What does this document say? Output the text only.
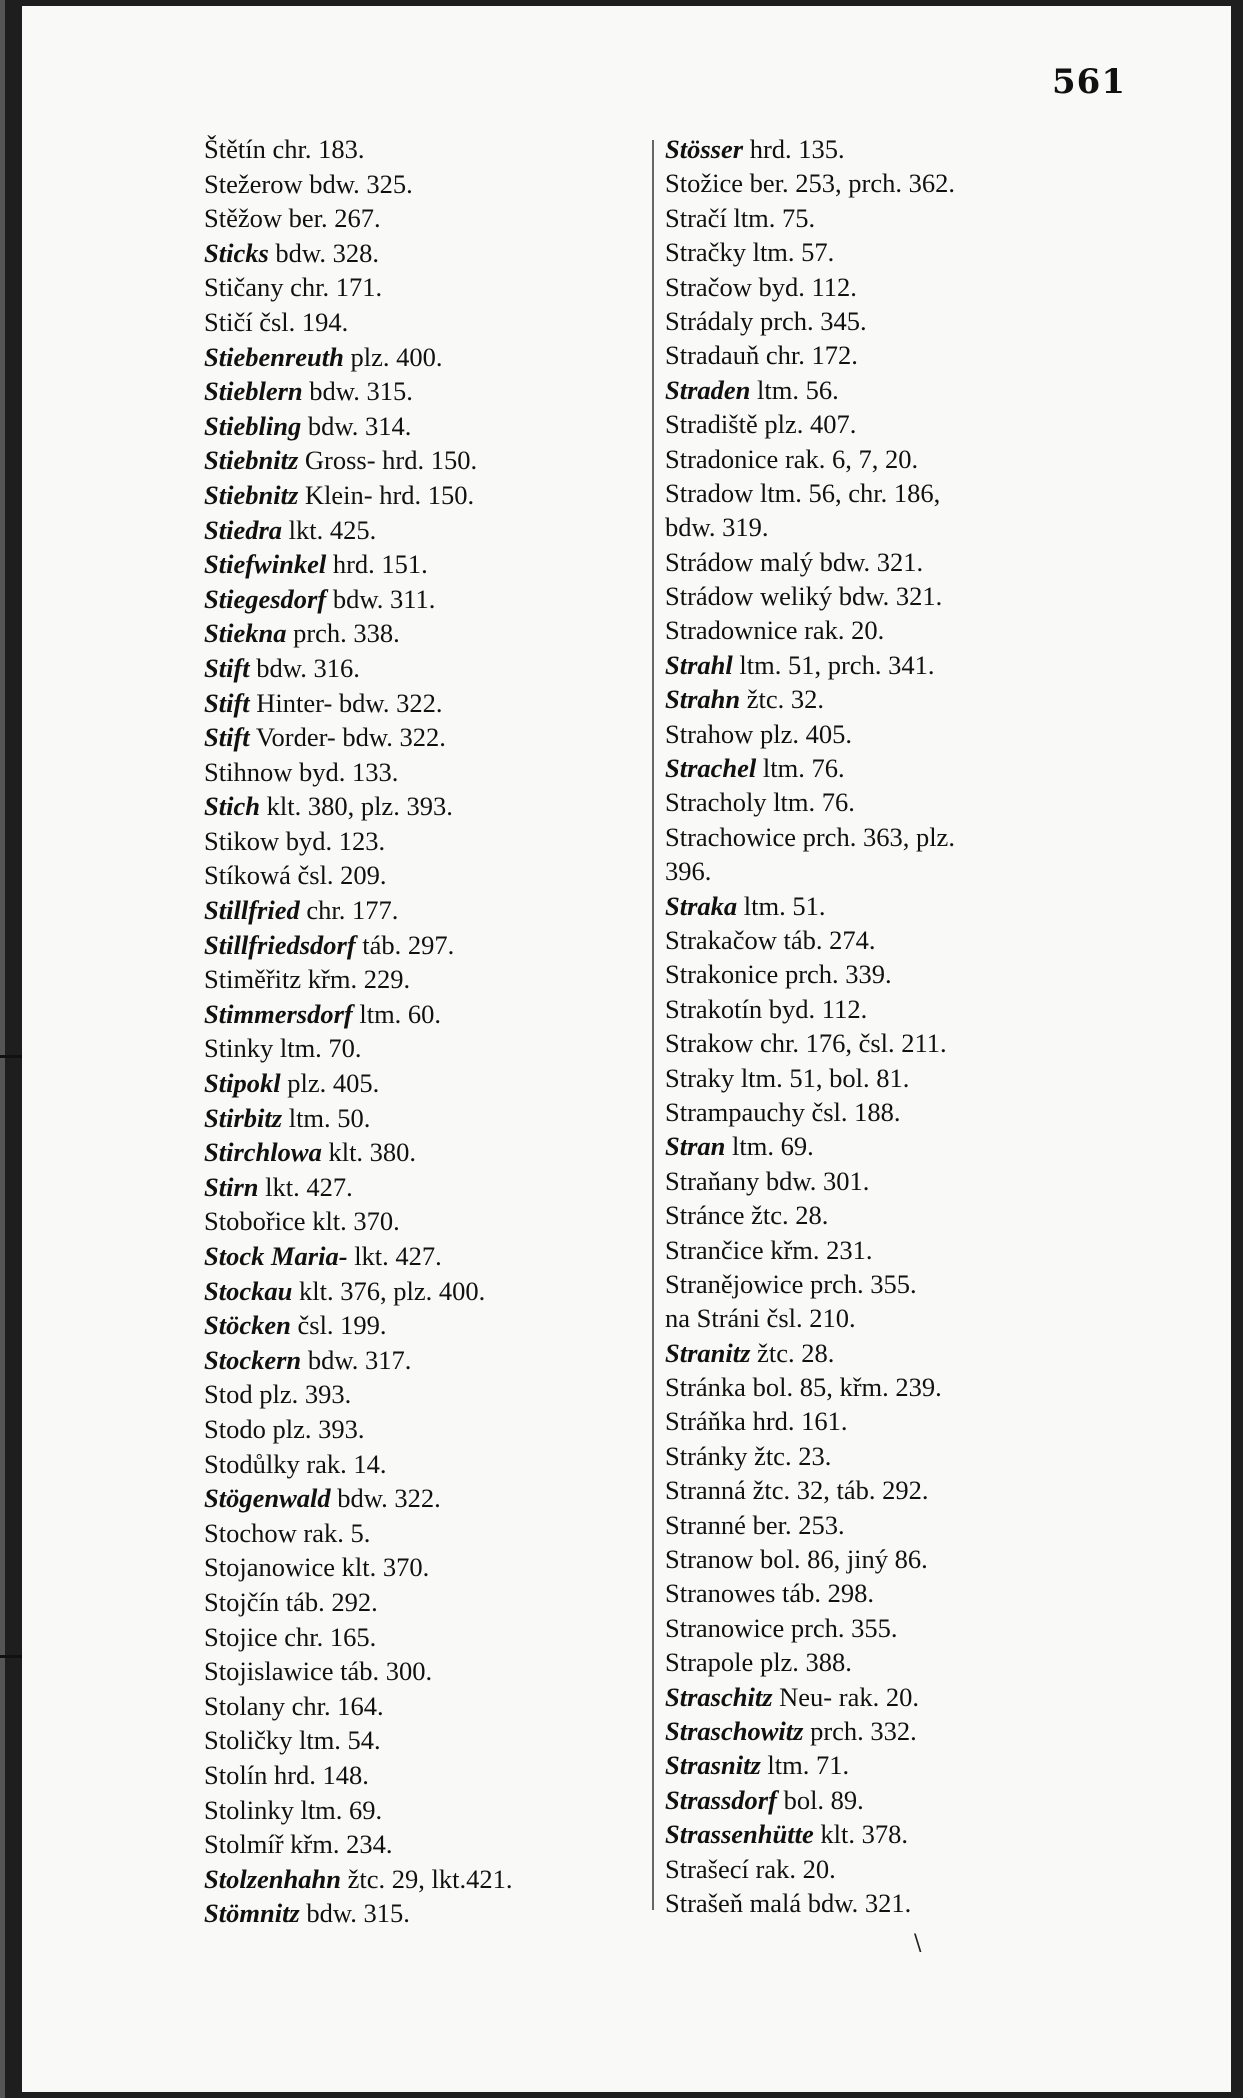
561
Štětín chr. 183.
Stežerow bdw. 325.
Stěžow ber. 267.
Sticks bdw. 328.
Stičany chr. 171.
Stičí čsl. 194.
Stiebenreuth plz. 400.
Stieblern bdw. 315.
Stiebling bdw. 314.
Stiebnitz Gross- hrd. 150.
Stiebnitz Klein- hrd. 150.
Stiedra lkt. 425.
Stiefwinkel hrd. 151.
Stiegesdorf bdw. 311.
Stiekna prch. 338.
Stift bdw. 316.
Stift Hinter- bdw. 322.
Stift Vorder- bdw. 322.
Stihnow byd. 133.
Stich klt. 380, plz. 393.
Stikow byd. 123.
Stíkowá čsl. 209.
Stillfried chr. 177.
Stillfriedsdorf táb. 297.
Stiměřitz křm. 229.
Stimmersdorf ltm. 60.
Stinky ltm. 70.
Stipokl plz. 405.
Stirbitz ltm. 50.
Stirchlowa klt. 380.
Stirn lkt. 427.
Stobořice klt. 370.
Stock Maria- lkt. 427.
Stockau klt. 376, plz. 400.
Stöcken čsl. 199.
Stockern bdw. 317.
Stod plz. 393.
Stodo plz. 393.
Stodůlky rak. 14.
Stögenwald bdw. 322.
Stochow rak. 5.
Stojanowice klt. 370.
Stojčín táb. 292.
Stojice chr. 165.
Stojislawice táb. 300.
Stolany chr. 164.
Stoličky ltm. 54.
Stolín hrd. 148.
Stolinky ltm. 69.
Stolmíř křm. 234.
Stolzenhahn žtc. 29, lkt.421.
Stömnitz bdw. 315.
Stösser hrd. 135.
Stožice ber. 253, prch. 362.
Stračí ltm. 75.
Stračky ltm. 57.
Stračow byd. 112.
Strádaly prch. 345.
Stradauň chr. 172.
Straden ltm. 56.
Stradiště plz. 407.
Stradonice rak. 6, 7, 20.
Stradow ltm. 56, chr. 186,
bdw. 319.
Strádow malý bdw. 321.
Strádow weliký bdw. 321.
Stradownice rak. 20.
Strahl ltm. 51, prch. 341.
Strahn žtc. 32.
Strahow plz. 405.
Strachel ltm. 76.
Stracholy ltm. 76.
Strachowice prch. 363, plz.
396.
Straka ltm. 51.
Strakačow táb. 274.
Strakonice prch. 339.
Strakotín byd. 112.
Strakow chr. 176, čsl. 211.
Straky ltm. 51, bol. 81.
Strampauchy čsl. 188.
Stran ltm. 69.
Straňany bdw. 301.
Stránce žtc. 28.
Strančice křm. 231.
Stranějowice prch. 355.
na Stráni čsl. 210.
Stranitz žtc. 28.
Stránka bol. 85, křm. 239.
Stráňka hrd. 161.
Stránky žtc. 23.
Stranná žtc. 32, táb. 292.
Stranné ber. 253.
Stranow bol. 86, jiný 86.
Stranowes táb. 298.
Stranowice prch. 355.
Strapole plz. 388.
Straschitz Neu- rak. 20.
Straschowitz prch. 332.
Strasnitz ltm. 71.
Strassdorf bol. 89.
Strassenhütte klt. 378.
Strašecí rak. 20.
Strašeň malá bdw. 321.
\
